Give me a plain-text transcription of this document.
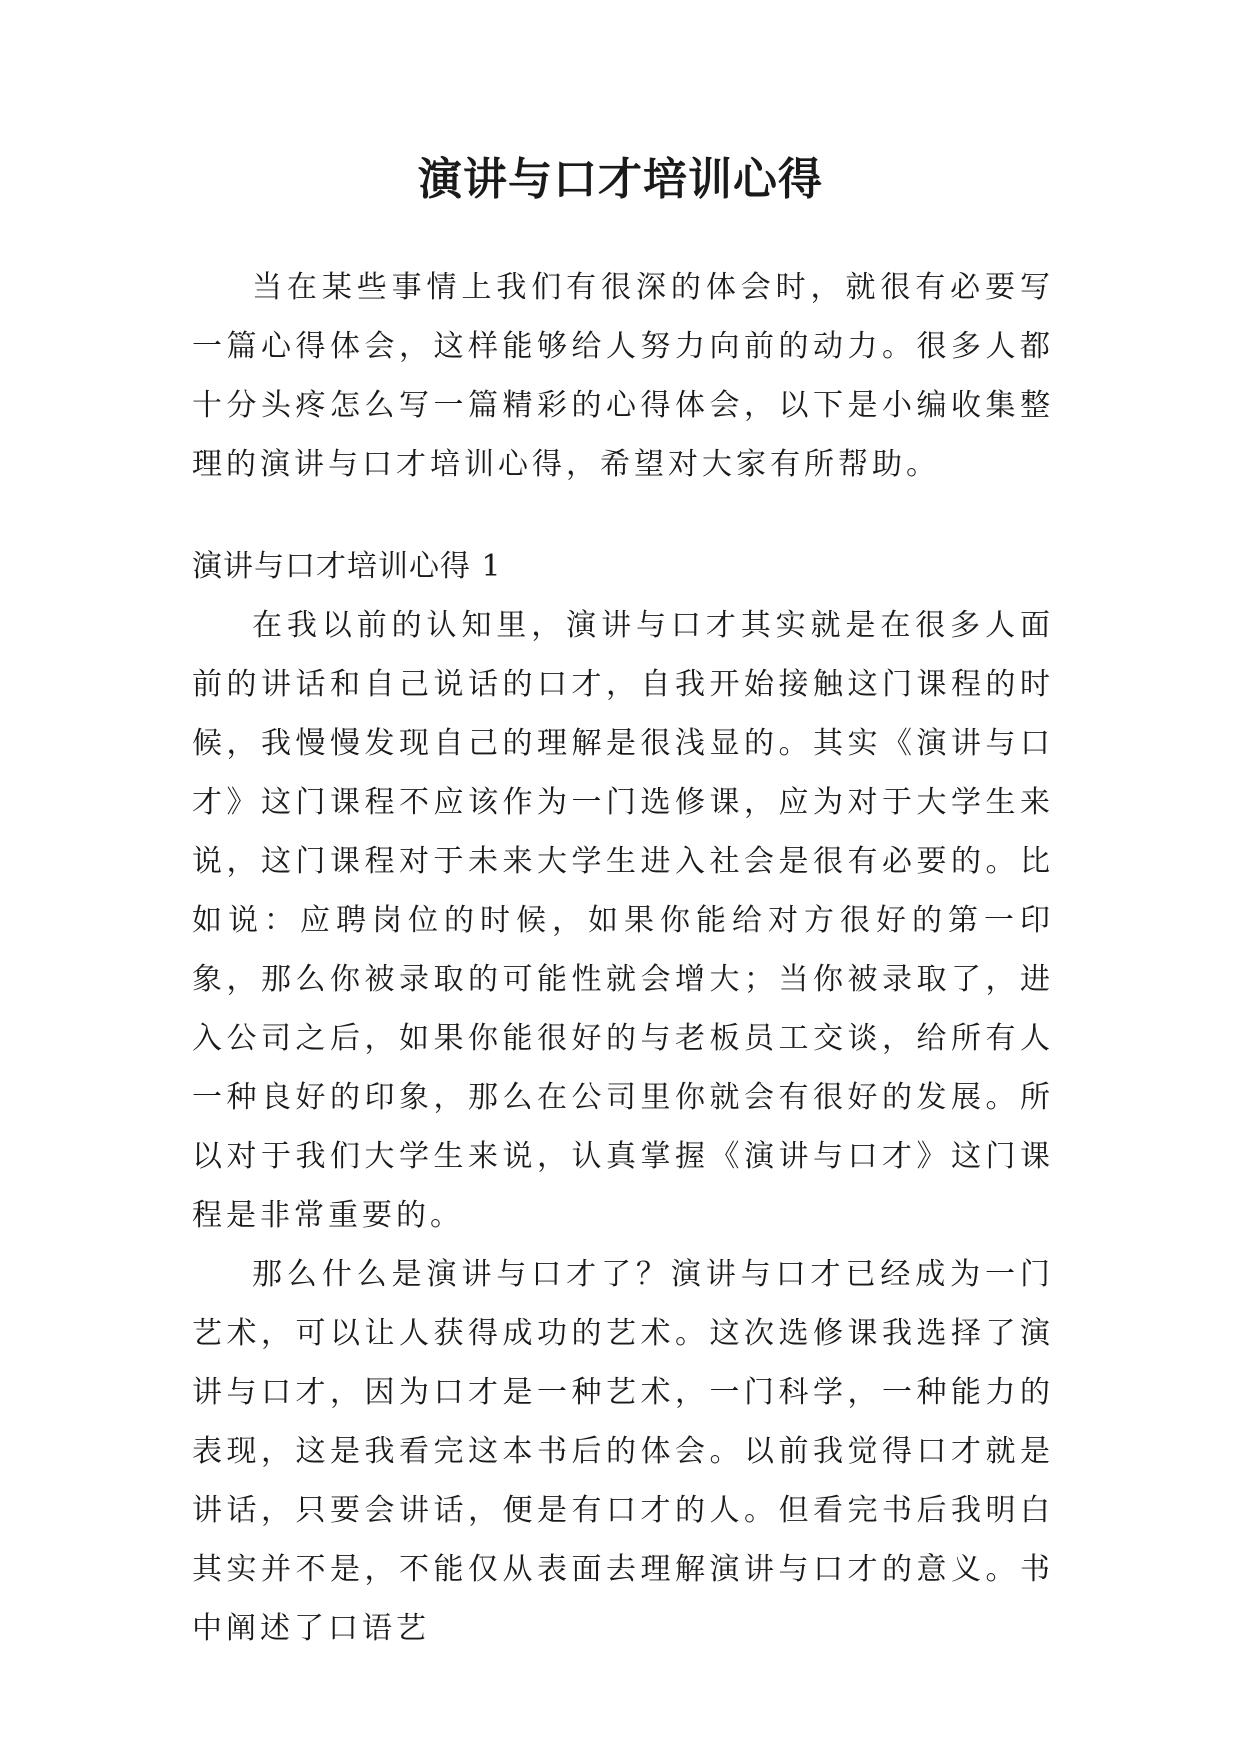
演讲与口才培训心得

当在某些事情上我们有很深的体会时，就很有必要写一篇心得体会，这样能够给人努力向前的动力。很多人都十分头疼怎么写一篇精彩的心得体会，以下是小编收集整理的演讲与口才培训心得，希望对大家有所帮助。

演讲与口才培训心得 1

在我以前的认知里，演讲与口才其实就是在很多人面前的讲话和自己说话的口才，自我开始接触这门课程的时候，我慢慢发现自己的理解是很浅显的。其实《演讲与口才》这门课程不应该作为一门选修课，应为对于大学生来说，这门课程对于未来大学生进入社会是很有必要的。比如说：应聘岗位的时候，如果你能给对方很好的第一印象，那么你被录取的可能性就会增大；当你被录取了，进入公司之后，如果你能很好的与老板员工交谈，给所有人一种良好的印象，那么在公司里你就会有很好的发展。所以对于我们大学生来说，认真掌握《演讲与口才》这门课程是非常重要的。

那么什么是演讲与口才了？演讲与口才已经成为一门艺术，可以让人获得成功的艺术。这次选修课我选择了演讲与口才，因为口才是一种艺术，一门科学，一种能力的表现，这是我看完这本书后的体会。以前我觉得口才就是讲话，只要会讲话，便是有口才的人。但看完书后我明白其实并不是，不能仅从表面去理解演讲与口才的意义。书中阐述了口语艺
